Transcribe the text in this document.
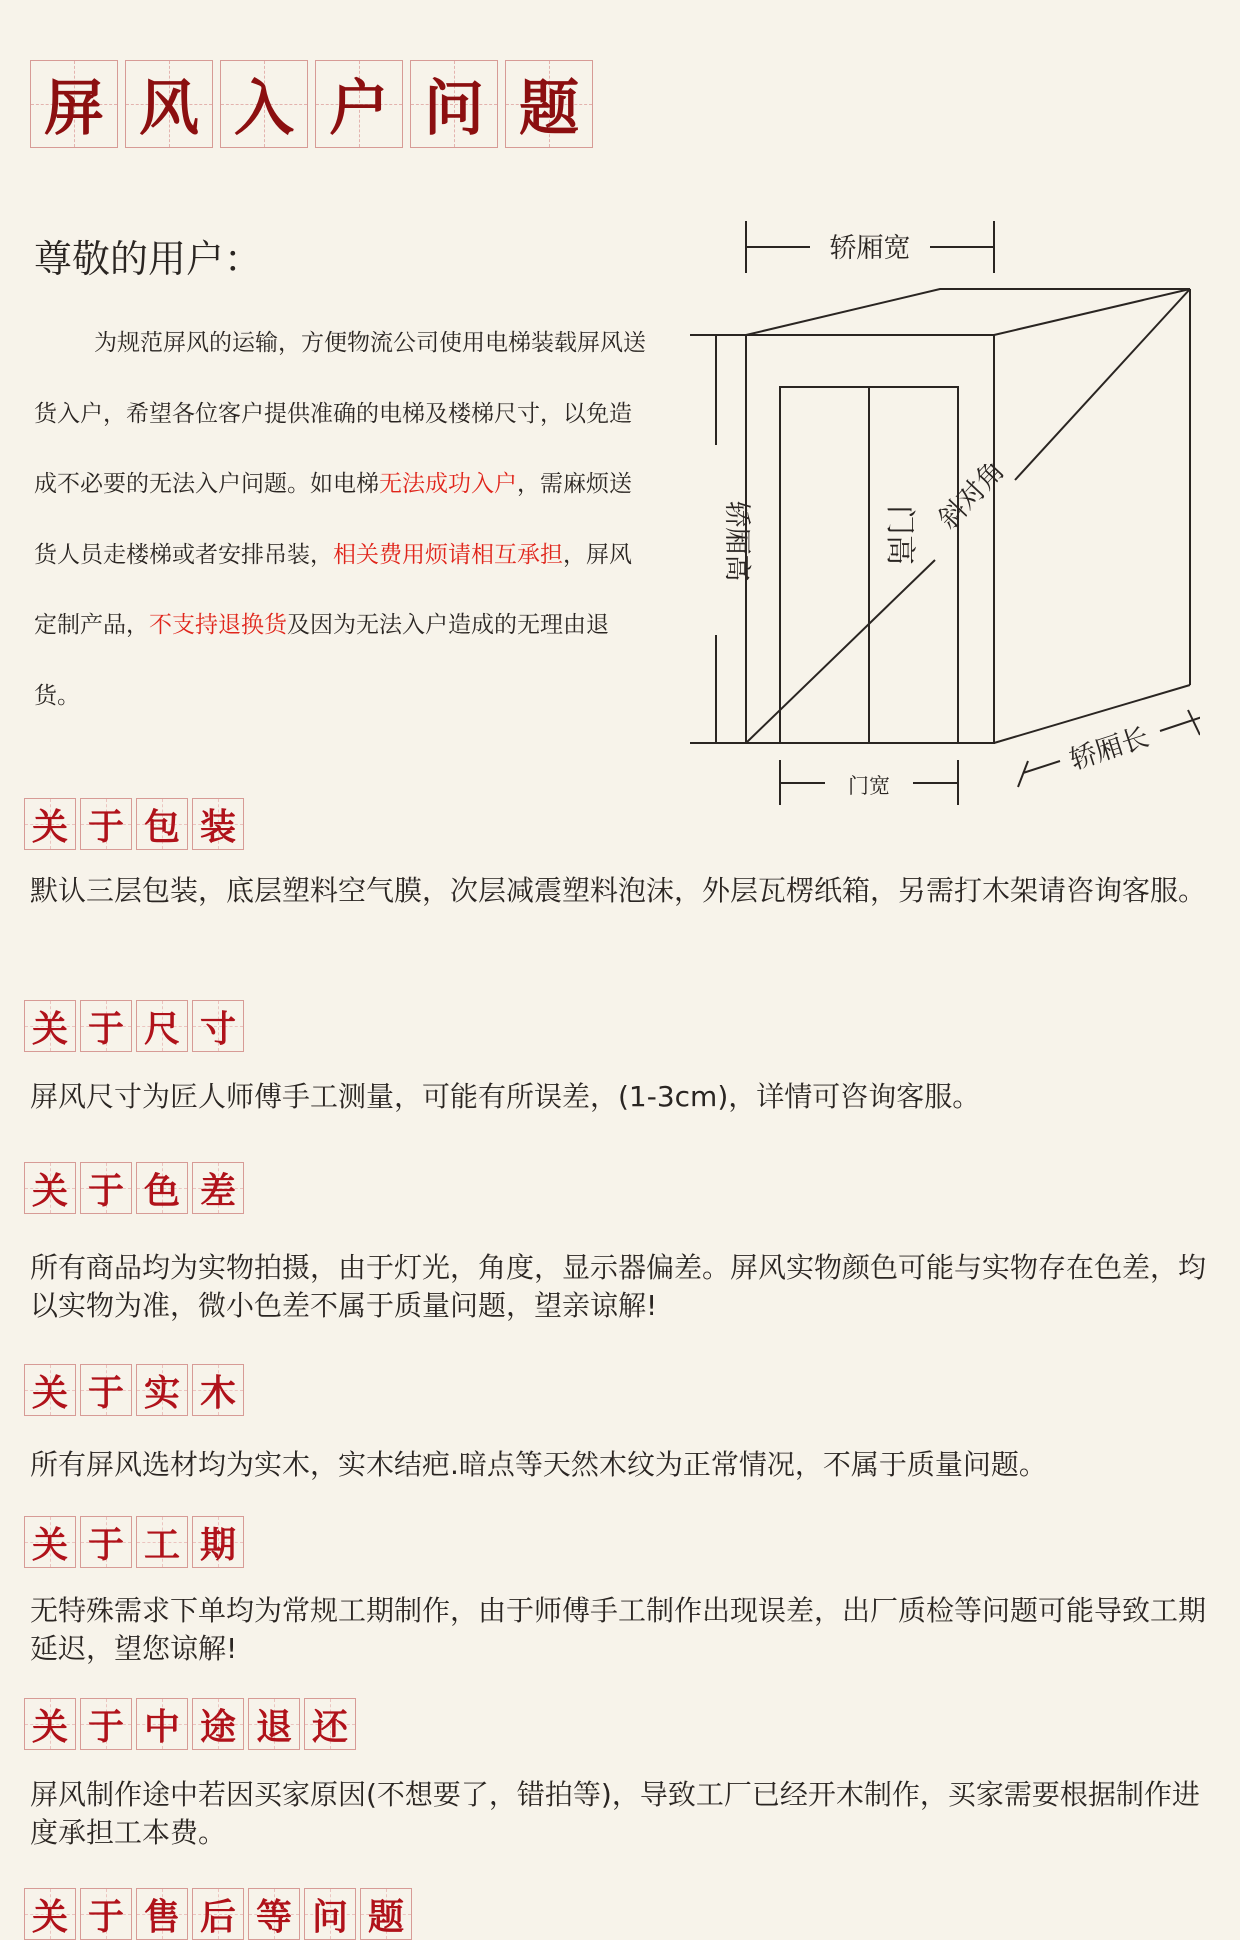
屏 风 入 户 问 题
尊敬的用户：
为规范屏风的运输，方便物流公司使用电梯装载屏风送货入户，希望各位客户提供准确的电梯及楼梯尺寸，以免造成不必要的无法入户问题。如电梯无法成功入户，需麻烦送货人员走楼梯或者安排吊装，相关费用烦请相互承担，屏风定制产品，不支持退换货及因为无法入户造成的无理由退货。
轿厢宽
轿厢高	门高 斜对角
轿厢长
门宽
关 于 包 装
默认三层包装，底层塑料空气膜，次层减震塑料泡沫，外层瓦楞纸箱，另需打木架请咨询客服。
关 于 尺 寸
屏风尺寸为匠人师傅手工测量，可能有所误差，(1-3cm)，详情可咨询客服。
关 于 色 差
所有商品均为实物拍摄，由于灯光，角度，显示器偏差。屏风实物颜色可能与实物存在色差，均以实物为准，微小色差不属于质量问题，望亲谅解!
关 于 实 木
所有屏风选材均为实木，实木结疤.暗点等天然木纹为正常情况，不属于质量问题。
关 于 工 期
无特殊需求下单均为常规工期制作，由于师傅手工制作出现误差，出厂质检等问题可能导致工期延迟，望您谅解!
关 于 中 途 退 还
屏风制作途中若因买家原因(不想要了，错拍等)，导致工厂已经开木制作，买家需要根据制作进度承担工本费。
关 于 售 后 等 问 题
